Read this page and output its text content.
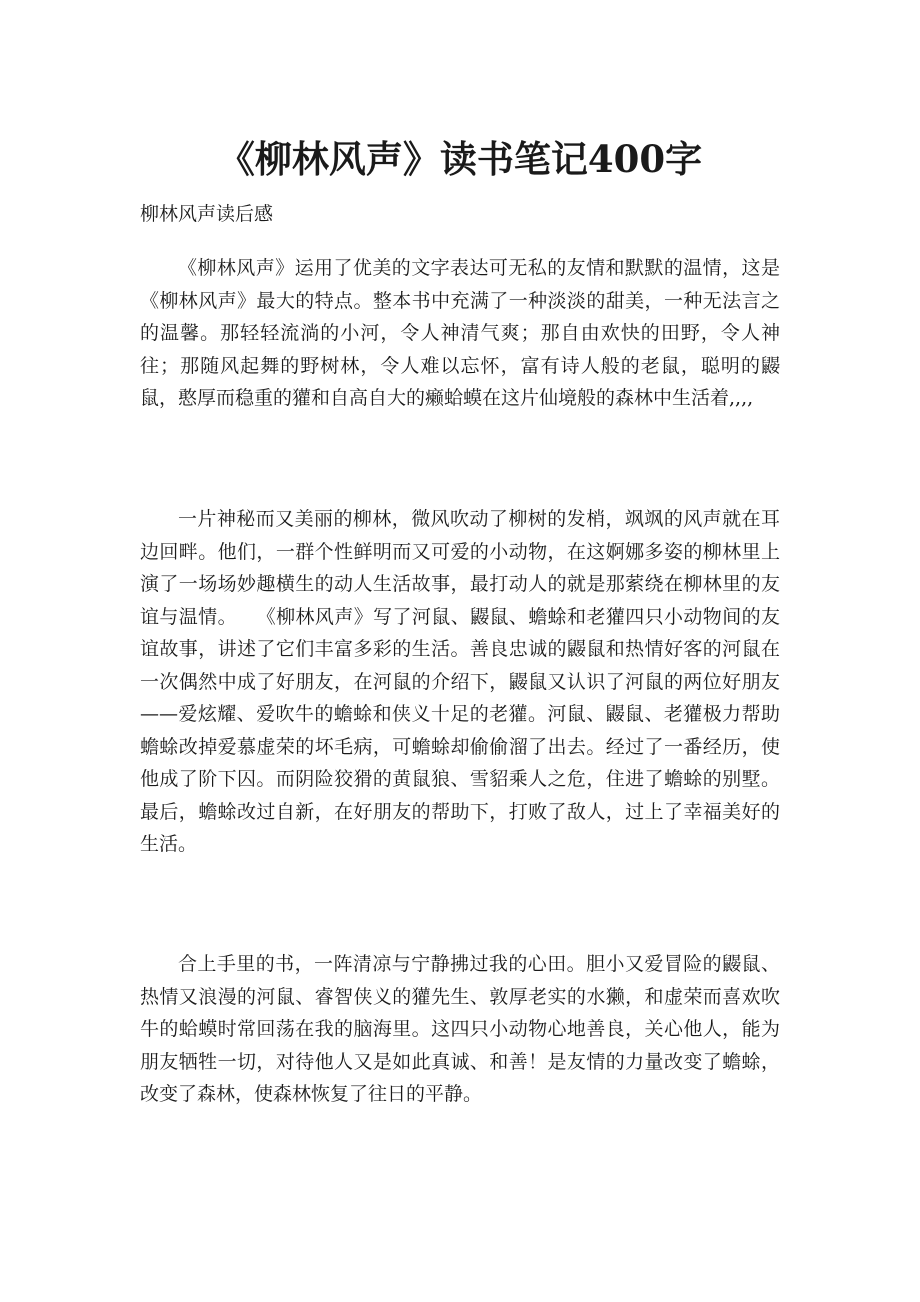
《柳林风声》读书笔记400字
柳林风声读后感

《柳林风声》运用了优美的文字表达可无私的友情和默默的温情，这是《柳林风声》最大的特点。整本书中充满了一种淡淡的甜美，一种无法言之的温馨。那轻轻流淌的小河，令人神清气爽；那自由欢快的田野，令人神往；那随风起舞的野树林，令人难以忘怀，富有诗人般的老鼠，聪明的鼹鼠，憨厚而稳重的獾和自高自大的癞蛤蟆在这片仙境般的森林中生活着,,,,

一片神秘而又美丽的柳林，微风吹动了柳树的发梢，飒飒的风声就在耳边回畔。他们，一群个性鲜明而又可爱的小动物，在这婀娜多姿的柳林里上演了一场场妙趣横生的动人生活故事，最打动人的就是那萦绕在柳林里的友谊与温情。　　《柳林风声》写了河鼠、鼹鼠、蟾蜍和老獾四只小动物间的友谊故事，讲述了它们丰富多彩的生活。善良忠诚的鼹鼠和热情好客的河鼠在一次偶然中成了好朋友，在河鼠的介绍下，鼹鼠又认识了河鼠的两位好朋友——爱炫耀、爱吹牛的蟾蜍和侠义十足的老獾。河鼠、鼹鼠、老獾极力帮助蟾蜍改掉爱慕虚荣的坏毛病，可蟾蜍却偷偷溜了出去。经过了一番经历，使他成了阶下囚。而阴险狡猾的黄鼠狼、雪貂乘人之危，住进了蟾蜍的别墅。最后，蟾蜍改过自新，在好朋友的帮助下，打败了敌人，过上了幸福美好的生活。

合上手里的书，一阵清凉与宁静拂过我的心田。胆小又爱冒险的鼹鼠、热情又浪漫的河鼠、睿智侠义的獾先生、敦厚老实的水獭，和虚荣而喜欢吹牛的蛤蟆时常回荡在我的脑海里。这四只小动物心地善良，关心他人，能为朋友牺牲一切，对待他人又是如此真诚、和善！是友情的力量改变了蟾蜍，改变了森林，使森林恢复了往日的平静。
